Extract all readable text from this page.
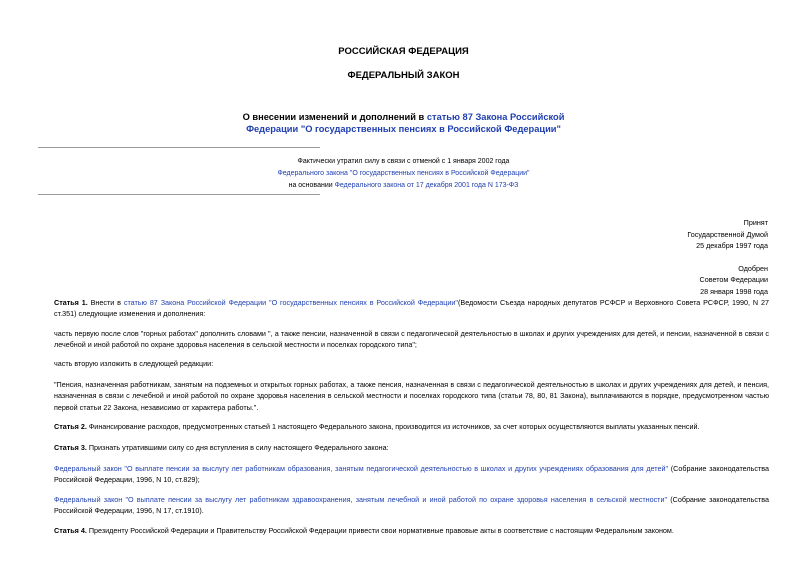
РОССИЙСКАЯ ФЕДЕРАЦИЯ
ФЕДЕРАЛЬНЫЙ ЗАКОН
О внесении изменений и дополнений в статью 87 Закона Российской
Федерации "О государственных пенсиях в Российской Федерации"
Фактически утратил силу в связи с отменой с 1 января 2002 года
Федерального закона "О государственных пенсиях в Российской Федерации"
на основании Федерального закона от 17 декабря 2001 года N 173-ФЗ
Принят
Государственной Думой
25 декабря 1997 года
Одобрен
Советом Федерации
28 января 1998 года
Статья 1. Внести в статью 87 Закона Российской Федерации "О государственных пенсиях в Российской Федерации"(Ведомости Съезда народных депутатов РСФСР и Верховного Совета РСФСР, 1990, N 27 ст.351) следующие изменения и дополнения:
часть первую после слов "горных работах" дополнить словами ", а также пенсии, назначенной в связи с педагогической деятельностью в школах и других учреждениях для детей, и пенсии, назначенной в связи с лечебной и иной работой по охране здоровья населения в сельской местности и поселках городского типа";
часть вторую изложить в следующей редакции:
"Пенсия, назначенная работникам, занятым на подземных и открытых горных работах, а также пенсия, назначенная в связи с педагогической деятельностью в школах и других учреждениях для детей, и пенсия, назначенная в связи с лечебной и иной работой по охране здоровья населения в сельской местности и поселках городского типа (статьи 78, 80, 81 Закона), выплачиваются в порядке, предусмотренном частью первой статьи 22 Закона, независимо от характера работы.".
Статья 2. Финансирование расходов, предусмотренных статьей 1 настоящего Федерального закона, производится из источников, за счет которых осуществляются выплаты указанных пенсий.
Статья 3. Признать утратившими силу со дня вступления в силу настоящего Федерального закона:
Федеральный закон "О выплате пенсии за выслугу лет работникам образования, занятым педагогической деятельностью в школах и других учреждениях образования для детей" (Собрание законодательства Российской Федерации, 1996, N 10, ст.829);
Федеральный закон "О выплате пенсии за выслугу лет работникам здравоохранения, занятым лечебной и иной работой по охране здоровья населения в сельской местности" (Собрание законодательства Российской Федерации, 1996, N 17, ст.1910).
Статья 4. Президенту Российской Федерации и Правительству Российской Федерации привести свои нормативные правовые акты в соответствие с настоящим Федеральным законом.
